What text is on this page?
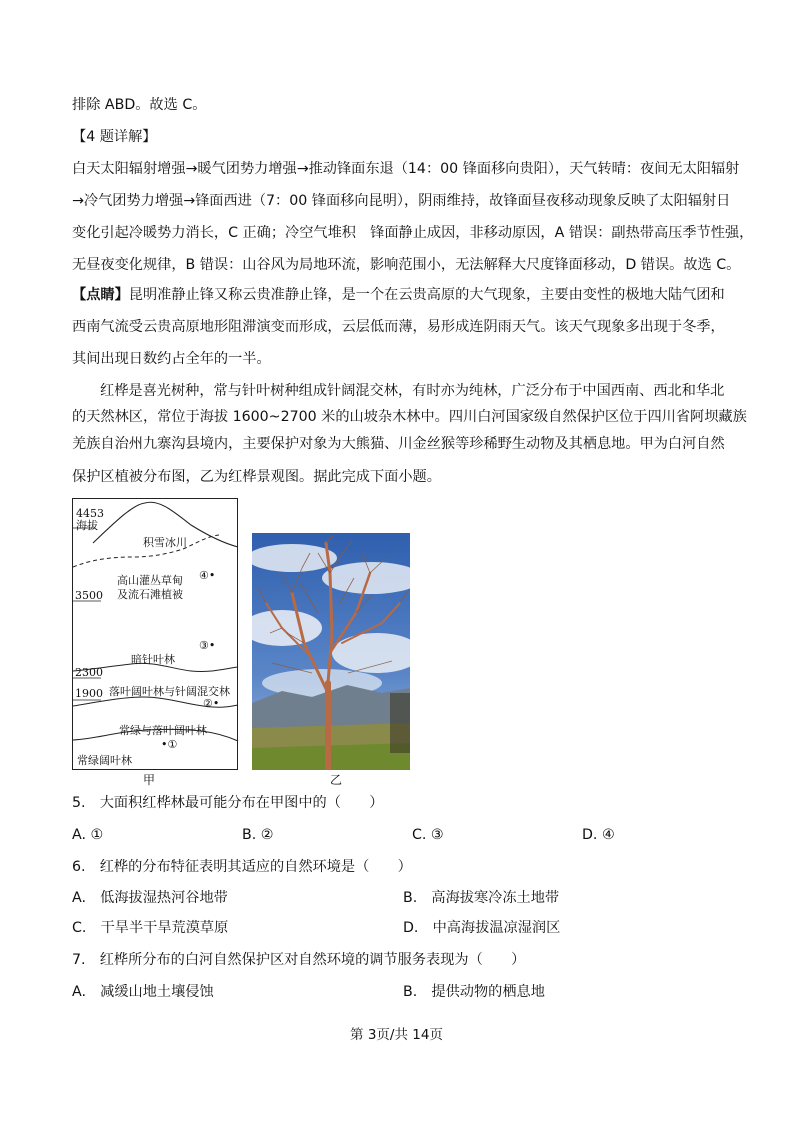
排除 ABD。故选 C。
【4 题详解】
白天太阳辐射增强→暖气团势力增强→推动锋面东退（14：00 锋面移向贵阳），天气转晴：夜间无太阳辐射
→冷气团势力增强→锋面西进（7：00 锋面移向昆明），阴雨维持，故锋面昼夜移动现象反映了太阳辐射日
变化引起冷暖势力消长，C 正确；冷空气堆积　锋面静止成因，非移动原因，A 错误：副热带高压季节性强，
无昼夜变化规律，B 错误：山谷风为局地环流，影响范围小，无法解释大尺度锋面移动，D 错误。故选 C。
【点睛】昆明准静止锋又称云贵准静止锋，是一个在云贵高原的大气现象，主要由变性的极地大陆气团和
西南气流受云贵高原地形阻滞演变而形成，云层低而薄，易形成连阴雨天气。该天气现象多出现于冬季，
其间出现日数约占全年的一半。
红桦是喜光树种，常与针叶树种组成针阔混交林，有时亦为纯林，广泛分布于中国西南、西北和华北
的天然林区，常位于海拔 1600~2700 米的山坡杂木林中。四川白河国家级自然保护区位于四川省阿坝藏族
羌族自治州九寨沟县境内，主要保护对象为大熊猫、川金丝猴等珍稀野生动物及其栖息地。甲为白河自然
保护区植被分布图，乙为红桦景观图。据此完成下面小题。
4453
海拔
积雪冰川
高山灌丛草甸
及流石滩植被
④•
3500
③•
暗针叶林
2300
1900 落叶阔叶林与针阔混交林
②•
常绿与落叶阔叶林
•①
常绿阔叶林
甲	乙
5.　大面积红桦林最可能分布在甲图中的（　　）
A. ①	B. ②	C. ③	D. ④
6.　红桦的分布特征表明其适应的自然环境是（　　）
A.　低海拔湿热河谷地带	B.　高海拔寒冷冻土地带
C.　干旱半干旱荒漠草原	D.　中高海拔温凉湿润区
7.　红桦所分布的白河自然保护区对自然环境的调节服务表现为（　　）
A.　减缓山地土壤侵蚀	B.　提供动物的栖息地
第 3页/共 14页
